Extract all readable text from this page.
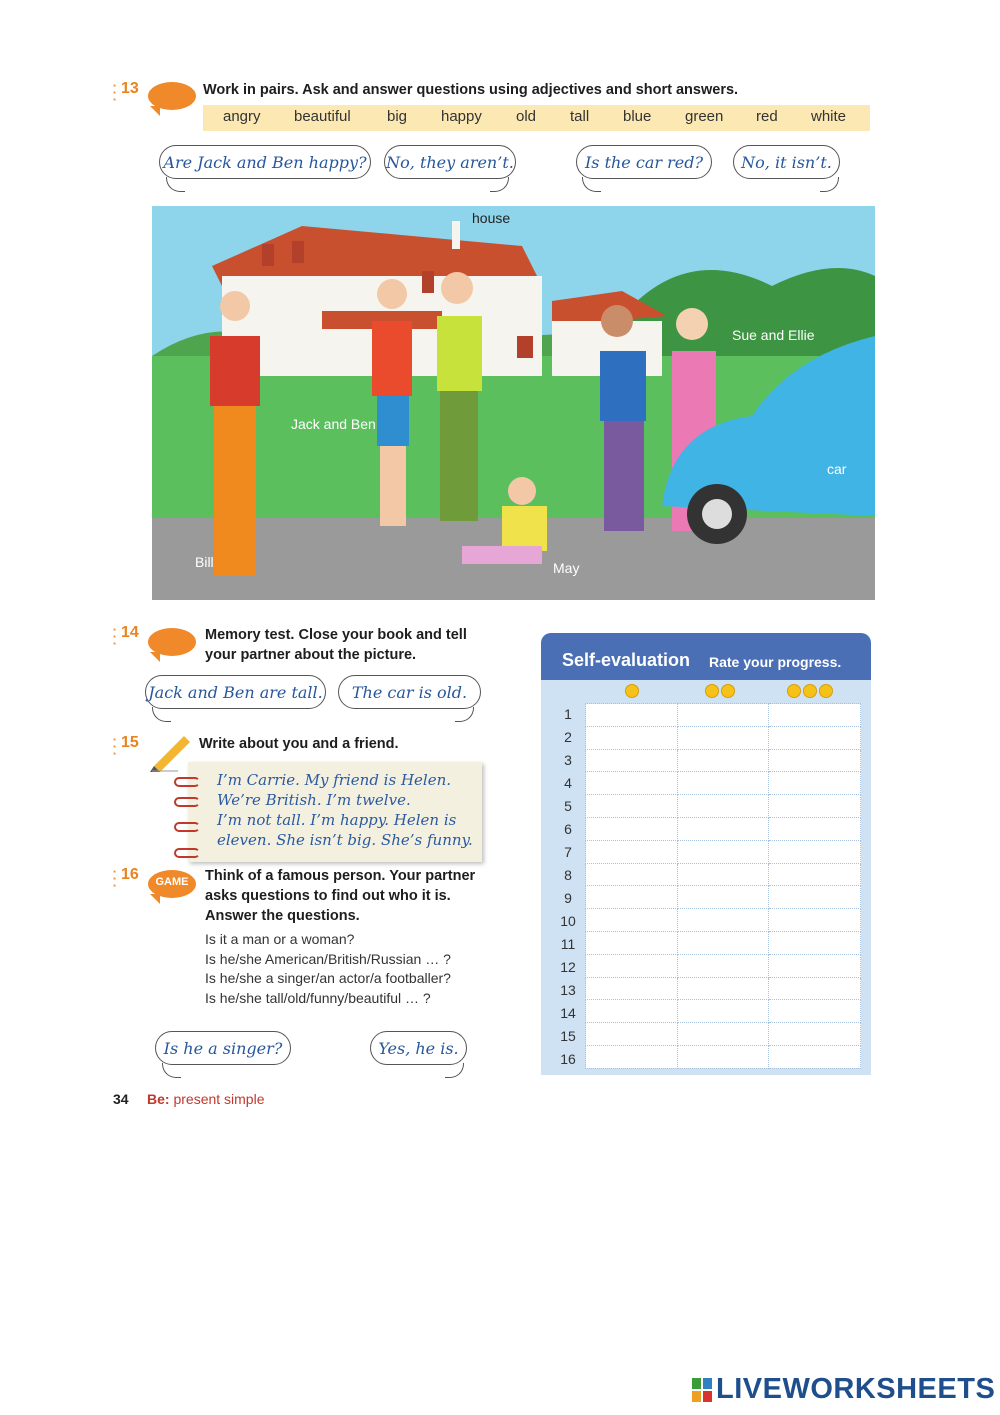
*
*
*
13	Work in pairs. Ask and answer questions using adjectives and short answers.
angry beautiful big happy old tall blue green red white
Are Jack and Ben happy? No, they aren’t.	Is the car red?	No, it isn’t.
house
Sue and Ellie
Jack and Ben
car
Bill	May
*
*
*
14	Memory test. Close your book and tell
your partner about the picture.
Jack and Ben are tall.	The car is old.
*
*
*
15	Write about you and a friend.
I’m Carrie. My friend is Helen.
We’re British. I’m twelve.
I’m not tall. I’m happy. Helen is
eleven. She isn’t big. She’s funny.
*
*
*
16	GAME	Think of a famous person. Your partner
asks questions to find out who it is.
Answer the questions.
Is it a man or a woman?
Is he/she American/British/Russian … ?
Is he/she a singer/an actor/a footballer?
Is he/she tall/old/funny/beautiful … ?
Is he a singer?	Yes, he is.
Self-evaluation Rate your progress.

1
2
3
4
5
6
7
8
9
10
11
12
13
14
15
16
34 Be: present simple
LIVEWORKSHEETS
